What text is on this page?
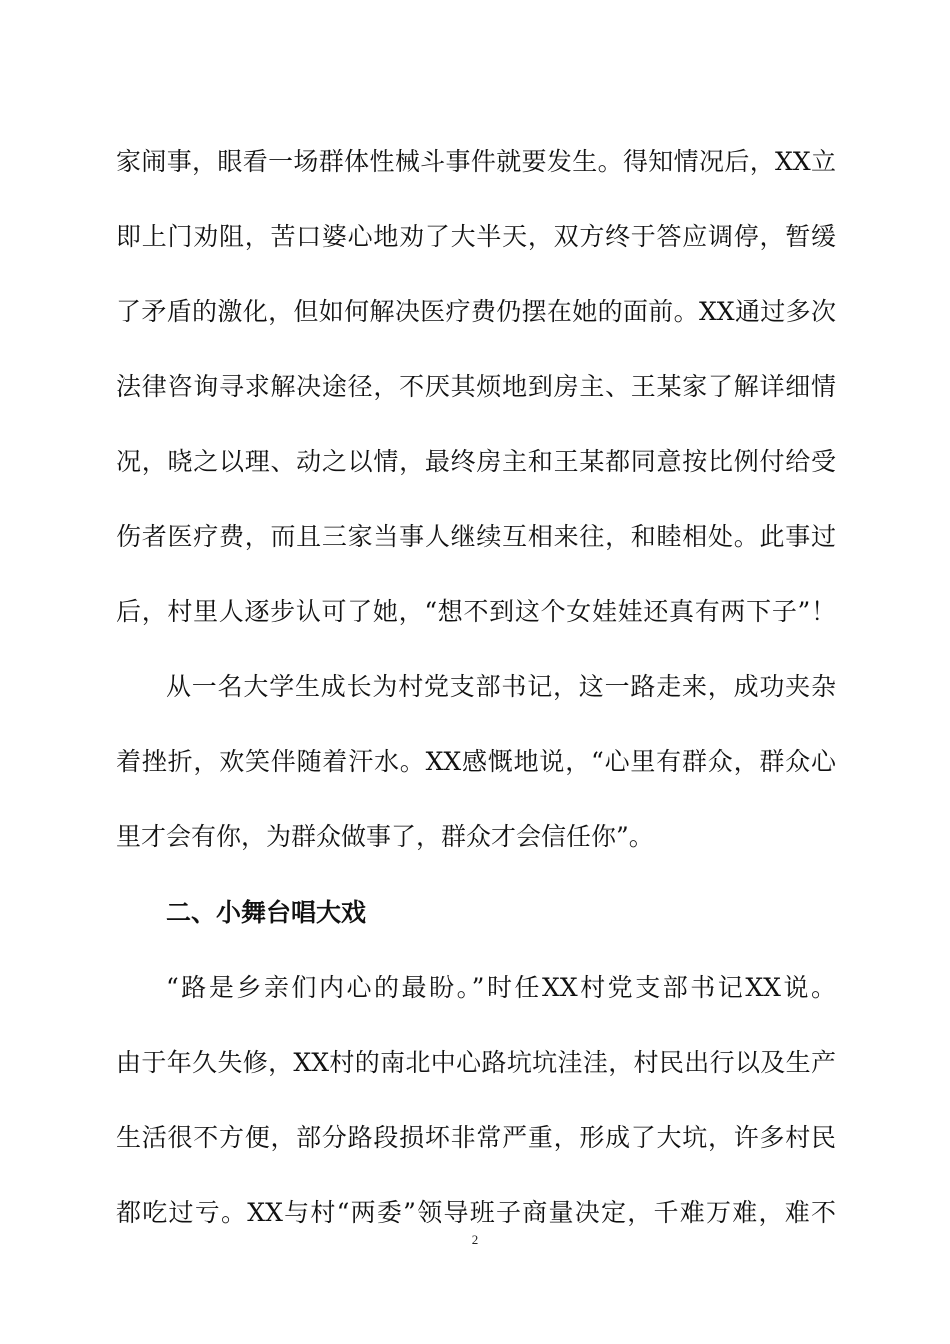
家闹事，眼看一场群体性械斗事件就要发生。得知情况后，XX立
即上门劝阻，苦口婆心地劝了大半天，双方终于答应调停，暂缓
了矛盾的激化，但如何解决医疗费仍摆在她的面前。XX通过多次
法律咨询寻求解决途径，不厌其烦地到房主、王某家了解详细情
况，晓之以理、动之以情，最终房主和王某都同意按比例付给受
伤者医疗费，而且三家当事人继续互相来往，和睦相处。此事过
后，村里人逐步认可了她，“想不到这个女娃娃还真有两下子”！
从一名大学生成长为村党支部书记，这一路走来，成功夹杂
着挫折，欢笑伴随着汗水。XX感慨地说，“心里有群众，群众心
里才会有你，为群众做事了，群众才会信任你”。
二、小舞台唱大戏
“路是乡亲们内心的最盼。”时任XX村党支部书记XX说。
由于年久失修，XX村的南北中心路坑坑洼洼，村民出行以及生产
生活很不方便，部分路段损坏非常严重，形成了大坑，许多村民
都吃过亏。XX与村“两委”领导班子商量决定，千难万难，难不
2
